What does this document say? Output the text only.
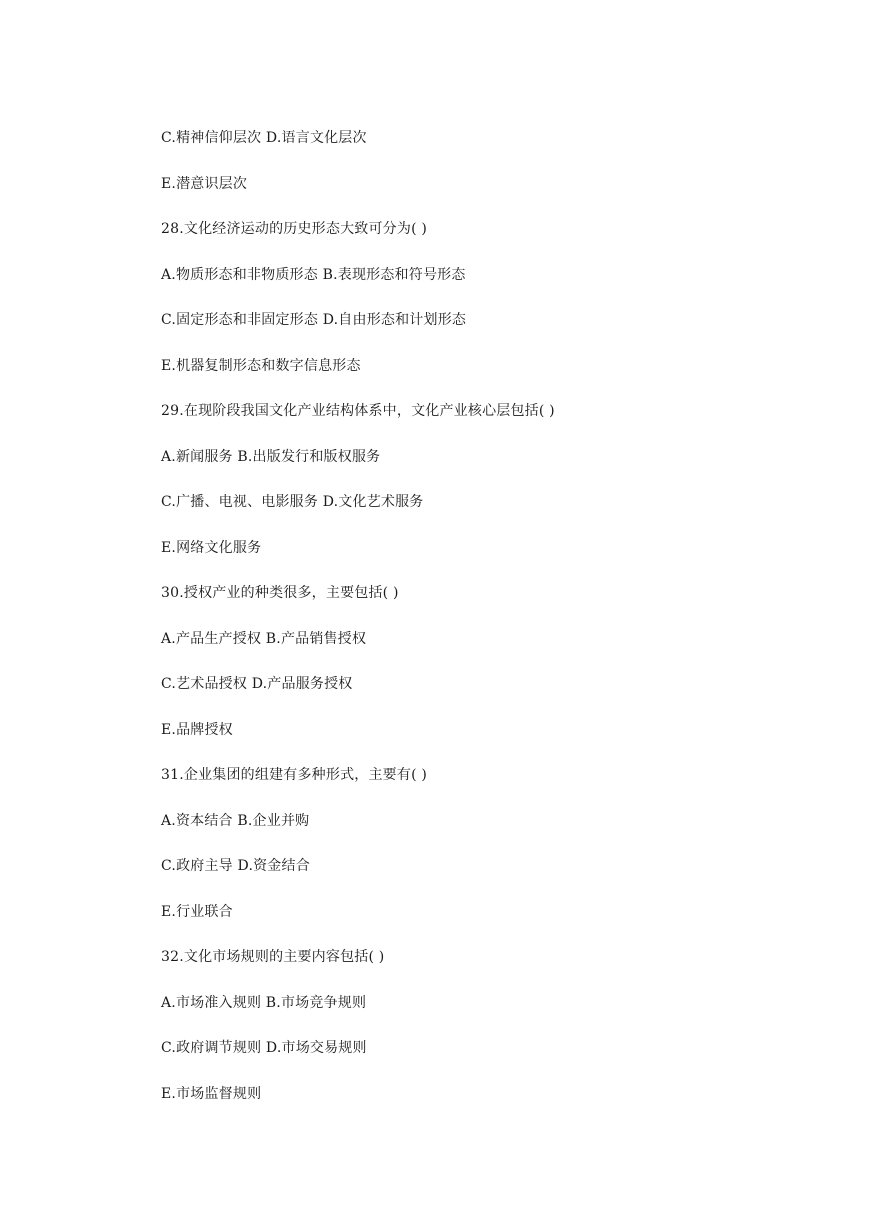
C.精神信仰层次 D.语言文化层次
E.潜意识层次
28.文化经济运动的历史形态大致可分为( )
A.物质形态和非物质形态 B.表现形态和符号形态
C.固定形态和非固定形态 D.自由形态和计划形态
E.机器复制形态和数字信息形态
29.在现阶段我国文化产业结构体系中，文化产业核心层包括( )
A.新闻服务 B.出版发行和版权服务
C.广播、电视、电影服务 D.文化艺术服务
E.网络文化服务
30.授权产业的种类很多，主要包括( )
A.产品生产授权 B.产品销售授权
C.艺术品授权 D.产品服务授权
E.品牌授权
31.企业集团的组建有多种形式，主要有( )
A.资本结合 B.企业并购
C.政府主导 D.资金结合
E.行业联合
32.文化市场规则的主要内容包括( )
A.市场准入规则 B.市场竞争规则
C.政府调节规则 D.市场交易规则
E.市场监督规则
